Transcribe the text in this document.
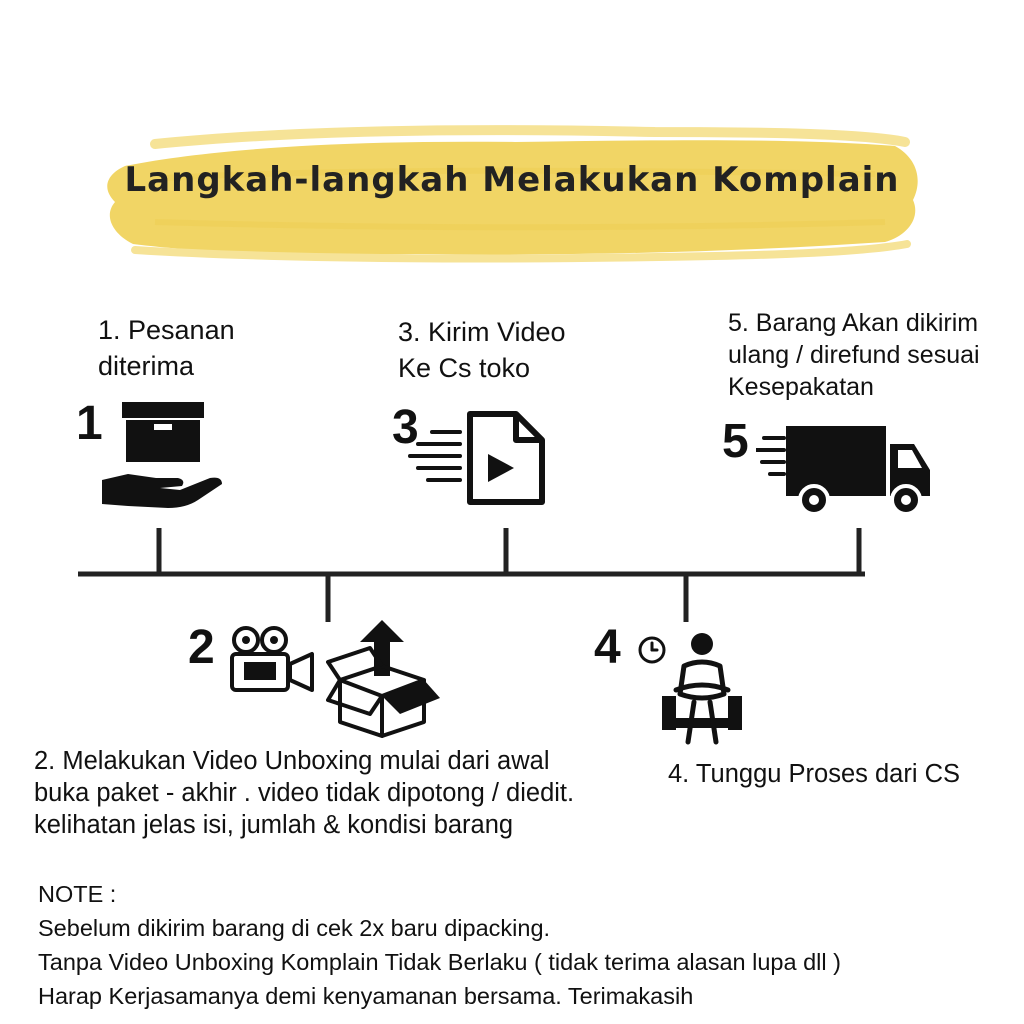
Langkah-langkah Melakukan Komplain
1. Pesanan
diterima
1
3. Kirim Video
Ke Cs toko
3
5. Barang Akan dikirim
ulang / direfund sesuai
Kesepakatan
5
2
2. Melakukan Video Unboxing mulai dari awal
buka paket - akhir . video tidak dipotong / diedit.
kelihatan jelas isi, jumlah & kondisi barang
4
4. Tunggu Proses dari CS
NOTE :
Sebelum dikirim barang di cek 2x baru dipacking.
Tanpa Video Unboxing Komplain Tidak Berlaku ( tidak terima alasan lupa dll )
Harap Kerjasamanya demi kenyamanan bersama. Terimakasih
